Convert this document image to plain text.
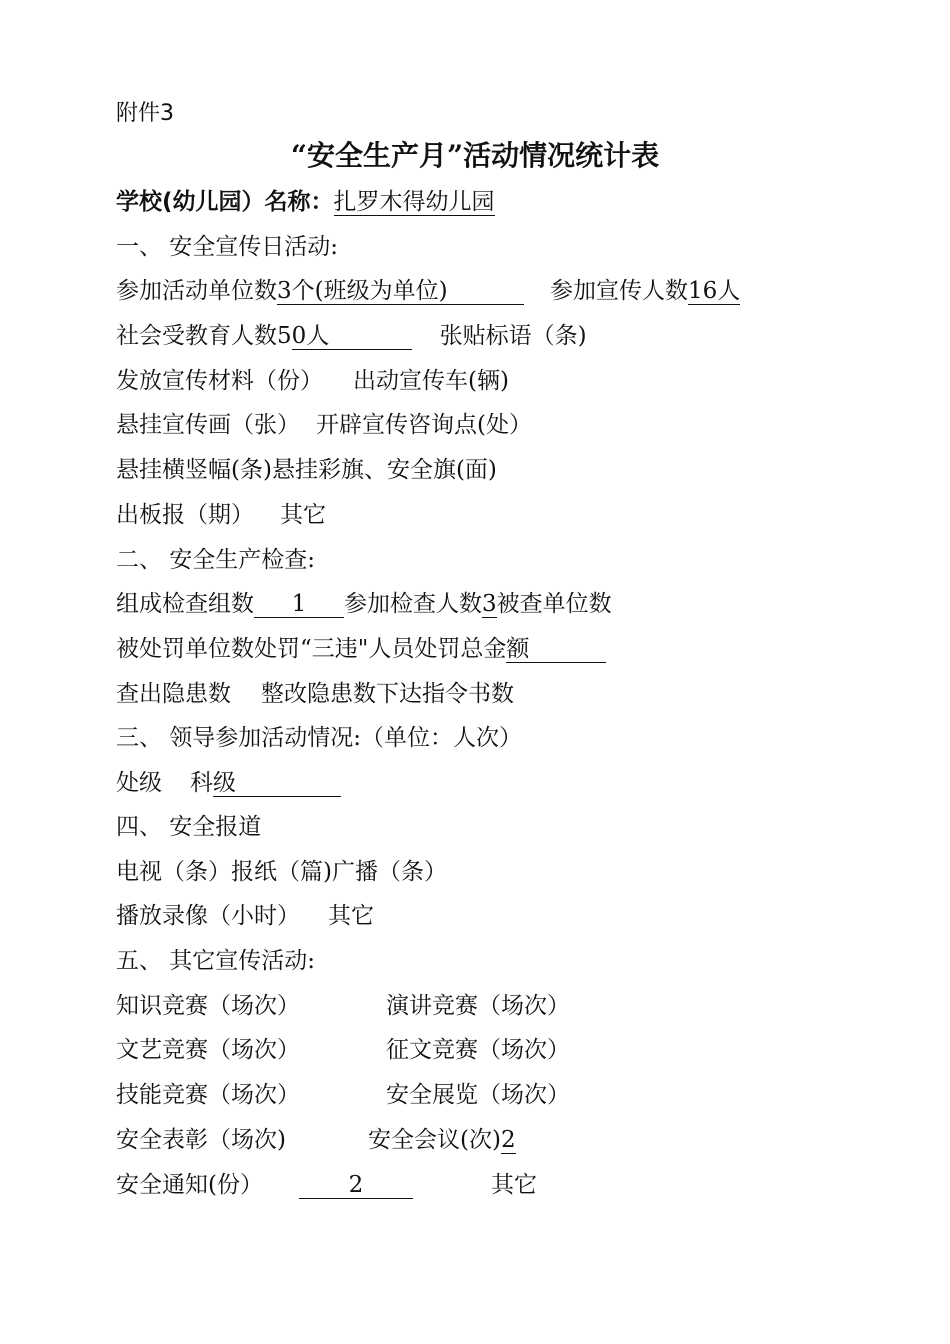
附件3
“安全生产月”活动情况统计表
学校(幼儿园）名称：扎罗木得幼儿园
一、 安全宣传日活动:
参加活动单位数3个(班级为单位)	参加宣传人数16人
社会受教育人数50人	张贴标语（条)
发放宣传材料（份） 出动宣传车(辆)
悬挂宣传画（张） 开辟宣传咨询点(处）
悬挂横竖幅(条)悬挂彩旗、安全旗(面)
出板报（期） 其它
二、 安全生产检查:
组成检查组数 1 参加检查人数3被查单位数
被处罚单位数处罚“三违"人员处罚总金额
查出隐患数 整改隐患数下达指令书数
三、 领导参加活动情况:（单位：人次）
处级 科级
四、 安全报道
电视（条）报纸（篇)广播（条）
播放录像（小时） 其它
五、 其它宣传活动:
知识竞赛（场次）	演讲竞赛（场次）
文艺竞赛（场次）	征文竞赛（场次）
技能竞赛（场次）	安全展览（场次）
安全表彰（场次)	安全会议(次)2
安全通知(份）	2	其它
